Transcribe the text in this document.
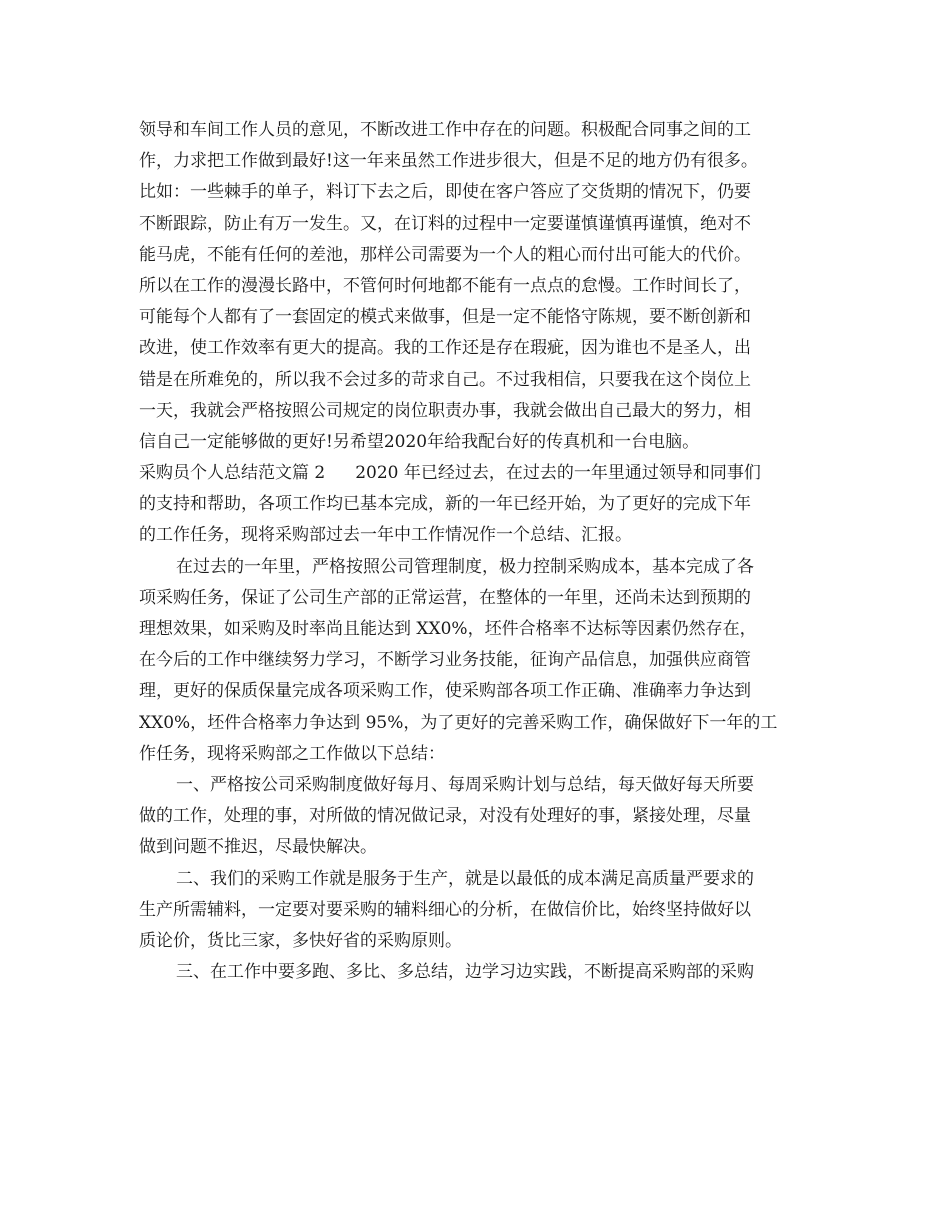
领导和车间工作人员的意见，不断改进工作中存在的问题。积极配合同事之间的工
作，力求把工作做到最好!这一年来虽然工作进步很大，但是不足的地方仍有很多。
比如：一些棘手的单子，料订下去之后，即使在客户答应了交货期的情况下，仍要
不断跟踪，防止有万一发生。又，在订料的过程中一定要谨慎谨慎再谨慎，绝对不
能马虎，不能有任何的差池，那样公司需要为一个人的粗心而付出可能大的代价。
所以在工作的漫漫长路中，不管何时何地都不能有一点点的怠慢。工作时间长了，
可能每个人都有了一套固定的模式来做事，但是一定不能恪守陈规，要不断创新和
改进，使工作效率有更大的提高。我的工作还是存在瑕疵，因为谁也不是圣人，出
错是在所难免的，所以我不会过多的苛求自己。不过我相信，只要我在这个岗位上
一天，我就会严格按照公司规定的岗位职责办事，我就会做出自己最大的努力，相
信自己一定能够做的更好!另希望2020年给我配台好的传真机和一台电脑。
采购员个人总结范文篇 2 2020 年已经过去，在过去的一年里通过领导和同事们
的支持和帮助，各项工作均已基本完成，新的一年已经开始，为了更好的完成下年
的工作任务，现将采购部过去一年中工作情况作一个总结、汇报。
在过去的一年里，严格按照公司管理制度，极力控制采购成本，基本完成了各
项采购任务，保证了公司生产部的正常运营，在整体的一年里，还尚未达到预期的
理想效果，如采购及时率尚且能达到 XX0%，坯件合格率不达标等因素仍然存在，
在今后的工作中继续努力学习，不断学习业务技能，征询产品信息，加强供应商管
理，更好的保质保量完成各项采购工作，使采购部各项工作正确、准确率力争达到
XX0%，坯件合格率力争达到 95%，为了更好的完善采购工作，确保做好下一年的工
作任务，现将采购部之工作做以下总结：
一、严格按公司采购制度做好每月、每周采购计划与总结，每天做好每天所要
做的工作，处理的事，对所做的情况做记录，对没有处理好的事，紧接处理，尽量
做到问题不推迟，尽最快解决。
二、我们的采购工作就是服务于生产，就是以最低的成本满足高质量严要求的
生产所需辅料，一定要对要采购的辅料细心的分析，在做信价比，始终坚持做好以
质论价，货比三家，多快好省的采购原则。
三、在工作中要多跑、多比、多总结，边学习边实践，不断提高采购部的采购
